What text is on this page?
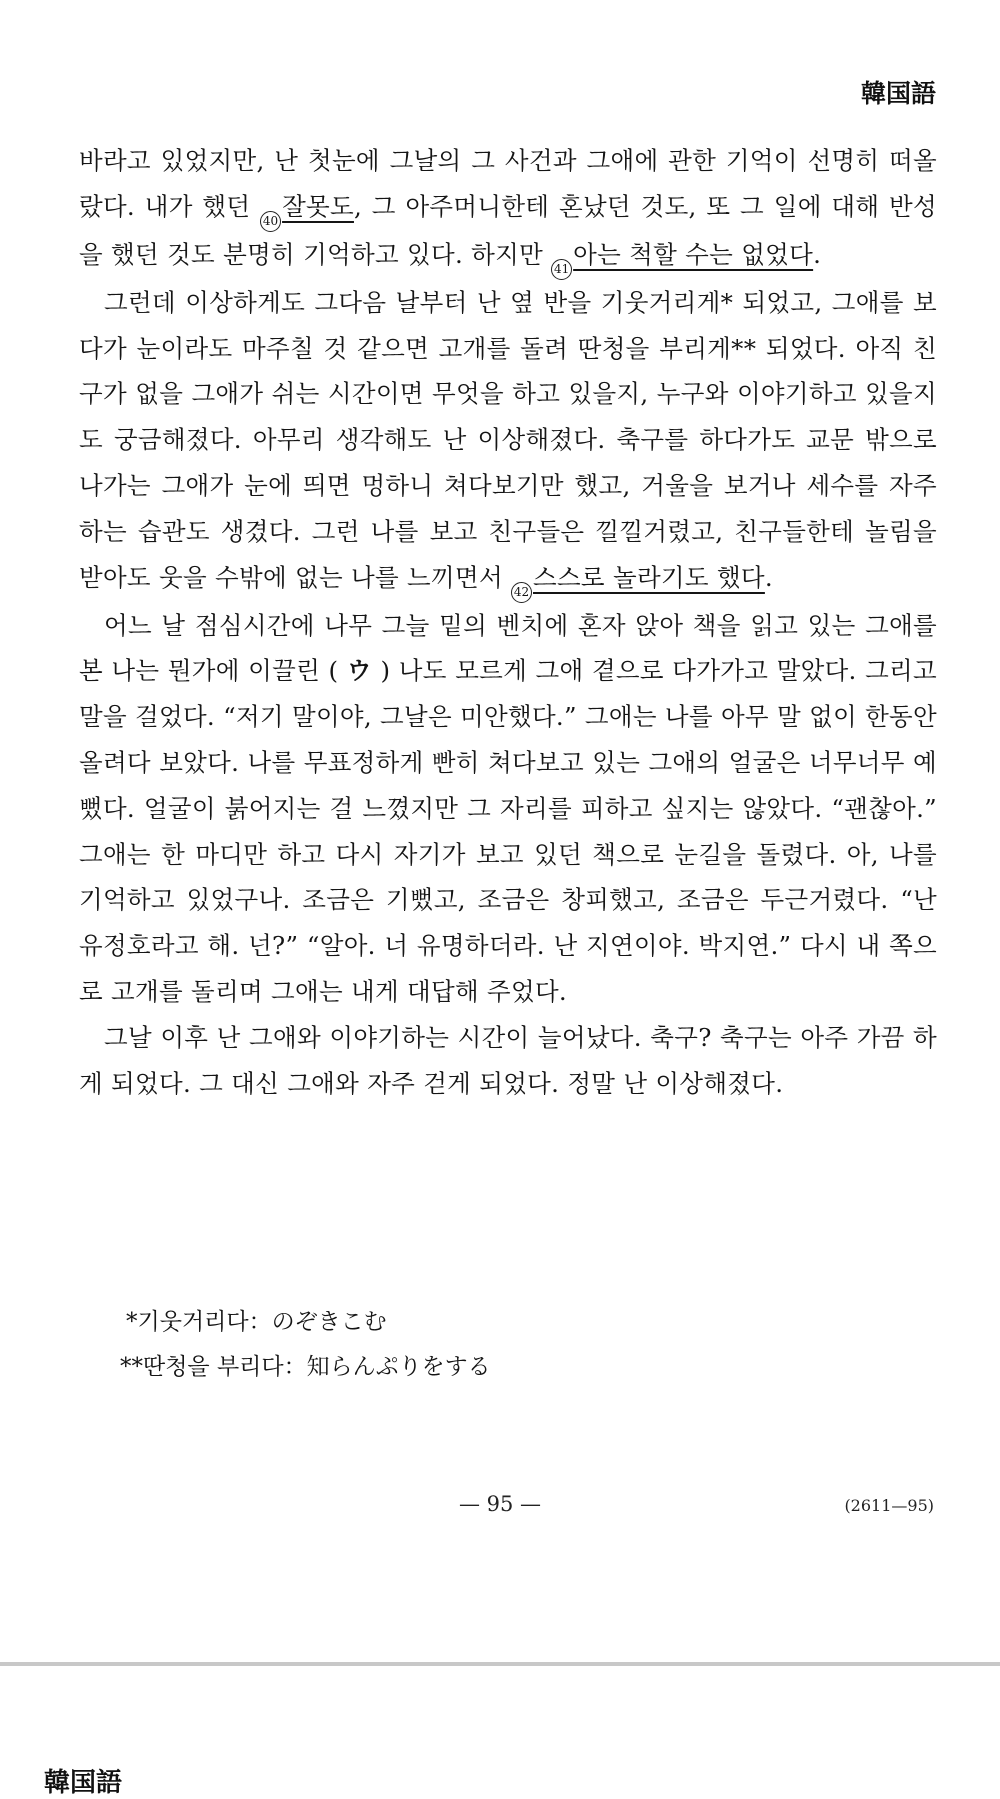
韓国語

바라고 있었지만, 난 첫눈에 그날의 그 사건과 그애에 관한 기억이 선명히 떠올랐다. 내가 했던 40 잘못도, 그 아주머니한테 혼났던 것도, 또 그 일에 대해 반성을 했던 것도 분명히 기억하고 있다. 하지만 41 아는 척할 수는 없었다.

그런데 이상하게도 그다음 날부터 난 옆 반을 기웃거리게* 되었고, 그애를 보다가 눈이라도 마주칠 것 같으면 고개를 돌려 딴청을 부리게** 되었다. 아직 친구가 없을 그애가 쉬는 시간이면 무엇을 하고 있을지, 누구와 이야기하고 있을지도 궁금해졌다. 아무리 생각해도 난 이상해졌다. 축구를 하다가도 교문 밖으로 나가는 그애가 눈에 띄면 멍하니 쳐다보기만 했고, 거울을 보거나 세수를 자주 하는 습관도 생겼다. 그런 나를 보고 친구들은 낄낄거렸고, 친구들한테 놀림을 받아도 웃을 수밖에 없는 나를 느끼면서 42 스스로 놀라기도 했다.

어느 날 점심시간에 나무 그늘 밑의 벤치에 혼자 앉아 책을 읽고 있는 그애를 본 나는 뭔가에 이끌린 ( ウ ) 나도 모르게 그애 곁으로 다가가고 말았다. 그리고 말을 걸었다. “저기 말이야, 그날은 미안했다.” 그애는 나를 아무 말 없이 한동안 올려다 보았다. 나를 무표정하게 빤히 쳐다보고 있는 그애의 얼굴은 너무너무 예뻤다. 얼굴이 붉어지는 걸 느꼈지만 그 자리를 피하고 싶지는 않았다. “괜찮아.” 그애는 한 마디만 하고 다시 자기가 보고 있던 책으로 눈길을 돌렸다. 아, 나를 기억하고 있었구나. 조금은 기뻤고, 조금은 창피했고, 조금은 두근거렸다. “난 유정호라고 해. 넌?” “알아. 너 유명하더라. 난 지연이야. 박지연.” 다시 내 쪽으로 고개를 돌리며 그애는 내게 대답해 주었다.

그날 이후 난 그애와 이야기하는 시간이 늘어났다. 축구? 축구는 아주 가끔 하게 되었다. 그 대신 그애와 자주 걷게 되었다. 정말 난 이상해졌다.

*기웃거리다：のぞきこむ
**딴청을 부리다：知らんぷりをする
— 95 —	(2611—95)
韓国語
